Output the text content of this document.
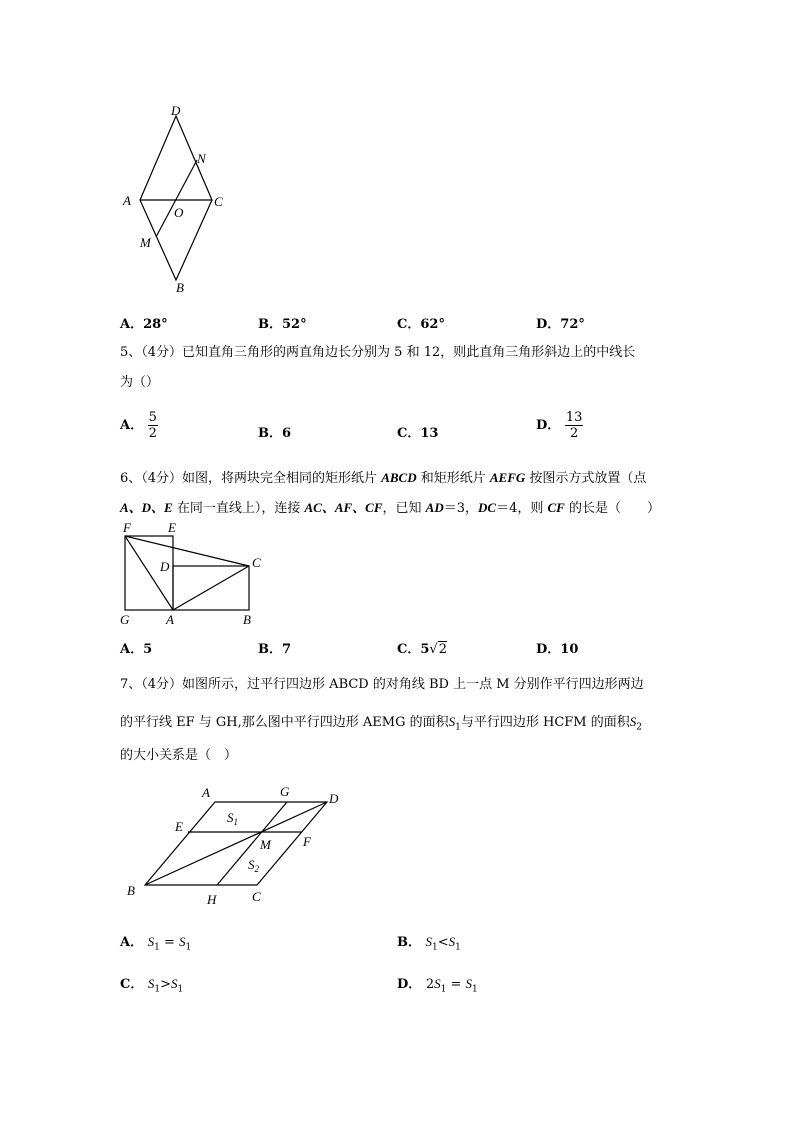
D
N
A
O
C
M
B
A．28°	B．52°	C．62°	D．72°
5、（4分）已知直角三角形的两直角边长分别为 5 和 12，则此直角三角形斜边上的中线长
为（）
A． $\frac{5}{2}$	B．6	C．13
D． $\frac{13}{2}$
6、（4分）如图，将两块完全相同的矩形纸片 ABCD 和矩形纸片 AEFG 按图示方式放置（点
A、D、E 在同一直线上），连接 AC、AF、CF，已知 AD＝3，DC＝4，则 CF 的长是（　　）
F	E
D	C
G	A	B
A．5	B．7	C．5√2	D．10
7、（4分）如图所示，过平行四边形 ABCD 的对角线 BD 上一点 M 分别作平行四边形两边
的平行线 EF 与 GH,那么图中平行四边形 AEMG 的面积$S_1$与平行四边形 HCFM 的面积$S_2$
的大小关系是（　）
A	G	D
E
$S_1$
M F
$S_2$
B
H	C
A． $S_1 = S_1$	B． $S_1<S_1$
C． $S_1>S_1$	D． $2S_1 = S_1$
